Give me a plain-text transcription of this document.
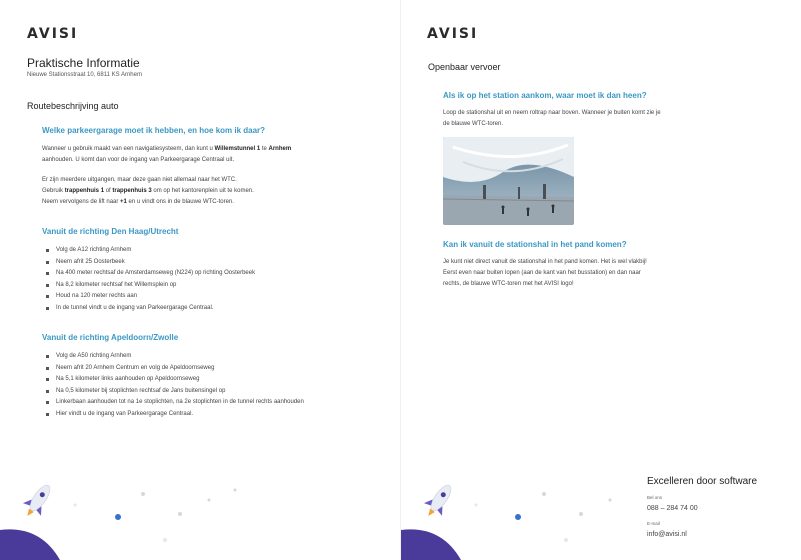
AVISI
Praktische Informatie
Nieuwe Stationsstraat 10, 6811 KS Arnhem
Routebeschrijving auto
Welke parkeergarage moet ik hebben, en hoe kom ik daar?
Wanneer u gebruik maakt van een navigatiesysteem, dan kunt u Willemstunnel 1 te Arnhem
aanhouden. U komt dan voor de ingang van Parkeergarage Centraal uit.
Er zijn meerdere uitgangen, maar deze gaan niet allemaal naar het WTC.
Gebruik trappenhuis 1 of trappenhuis 3 om op het kantorenplein uit te komen.
Neem vervolgens de lift naar +1 en u vindt ons in de blauwe WTC-toren.
Vanuit de richting Den Haag/Utrecht
Volg de A12 richting Arnhem
Neem afrit 25 Oosterbeek
Na 400 meter rechtsaf de Amsterdamseweg (N224) op richting Oosterbeek
Na 8,2 kilometer rechtsaf het Willemsplein op
Houd na 120 meter rechts aan
In de tunnel vindt u de ingang van Parkeergarage Centraal.
Vanuit de richting Apeldoorn/Zwolle
Volg de A50 richting Arnhem
Neem afrit 20 Arnhem Centrum en volg de Apeldoornseweg
Na 5,1 kilometer links aanhouden op Apeldoornseweg
Na 0,5 kilometer bij stoplichten rechtsaf de Jans buitensingel op
Linkerbaan aanhouden tot na 1e stoplichten, na 2e stoplichten in de tunnel rechts aanhouden
Hier vindt u de ingang van Parkeergarage Centraal.
AVISI
Openbaar vervoer
Als ik op het station aankom, waar moet ik dan heen?
Loop de stationshal uit en neem roltrap naar boven. Wanneer je buiten komt zie je
de blauwe WTC-toren.
Kan ik vanuit de stationshal in het pand komen?
Je kunt niet direct vanuit de stationshal in het pand komen. Het is wel vlakbij!
Eerst even naar buiten lopen (aan de kant van het busstation) en dan naar
rechts, de blauwe WTC-toren met het AVISI logo!
Excelleren door software
Bel ons
088 – 284 74 00
E-mail
info@avisi.nl
